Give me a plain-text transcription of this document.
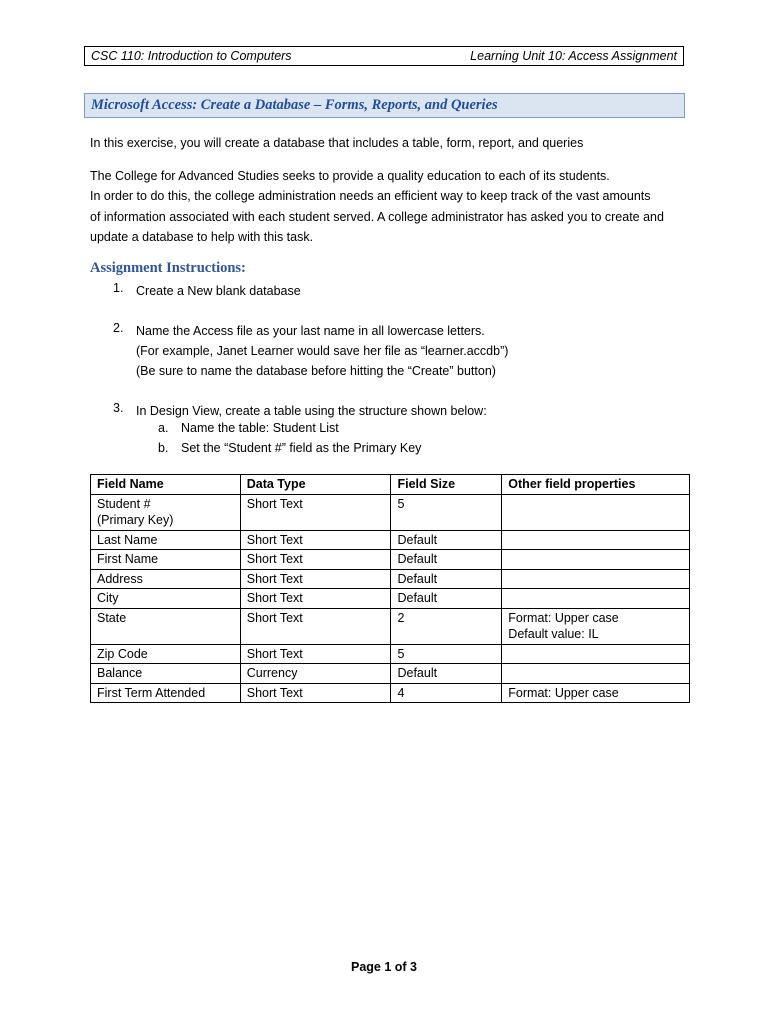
CSC 110: Introduction to Computers	Learning Unit 10: Access Assignment
Microsoft Access: Create a Database – Forms, Reports, and Queries
In this exercise, you will create a database that includes a table, form, report, and queries
The College for Advanced Studies seeks to provide a quality education to each of its students.
In order to do this, the college administration needs an efficient way to keep track of the vast amounts
of information associated with each student served. A college administrator has asked you to create and
update a database to help with this task.
Assignment Instructions:
1. Create a New blank database
2. Name the Access file as your last name in all lowercase letters.
(For example, Janet Learner would save her file as “learner.accdb”)
(Be sure to name the database before hitting the “Create” button)
3. In Design View, create a table using the structure shown below:
a. Name the table: Student List
b. Set the “Student #” field as the Primary Key
Field Name	Data Type	Field Size	Other field properties

Student #
(Primary Key)	Short Text	5	

Last Name	Short Text	Default	

First Name	Short Text	Default	

Address	Short Text	Default	

City	Short Text	Default	

State	Short Text	2	Format: Upper case
Default value: IL

Zip Code	Short Text	5	

Balance	Currency	Default	

First Term Attended	Short Text	4	Format: Upper case
Page 1 of 3
